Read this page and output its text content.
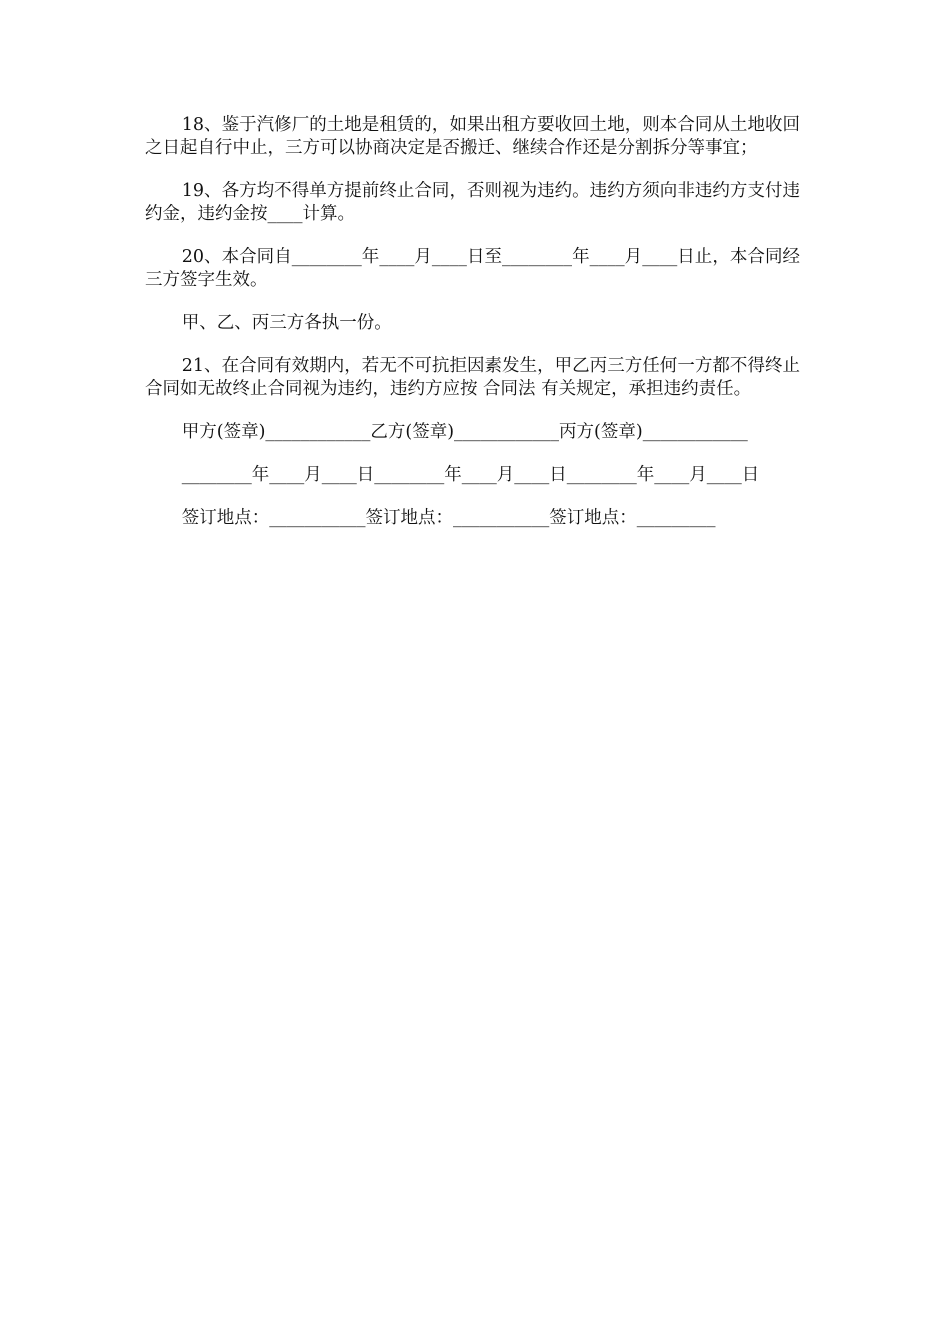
18、鉴于汽修厂的土地是租赁的，如果出租方要收回土地，则本合同从土地收回之日起自行中止，三方可以协商决定是否搬迁、继续合作还是分割拆分等事宜；

19、各方均不得单方提前终止合同，否则视为违约。违约方须向非违约方支付违约金，违约金按____计算。

20、本合同自________年____月____日至________年____月____日止，本合同经三方签字生效。

甲、乙、丙三方各执一份。

21、在合同有效期内，若无不可抗拒因素发生，甲乙丙三方任何一方都不得终止合同如无故终止合同视为违约，违约方应按 合同法 有关规定，承担违约责任。

甲方(签章)____________乙方(签章)____________丙方(签章)____________

________年____月____日________年____月____日________年____月____日

签订地点：___________签订地点：___________签订地点：_________
